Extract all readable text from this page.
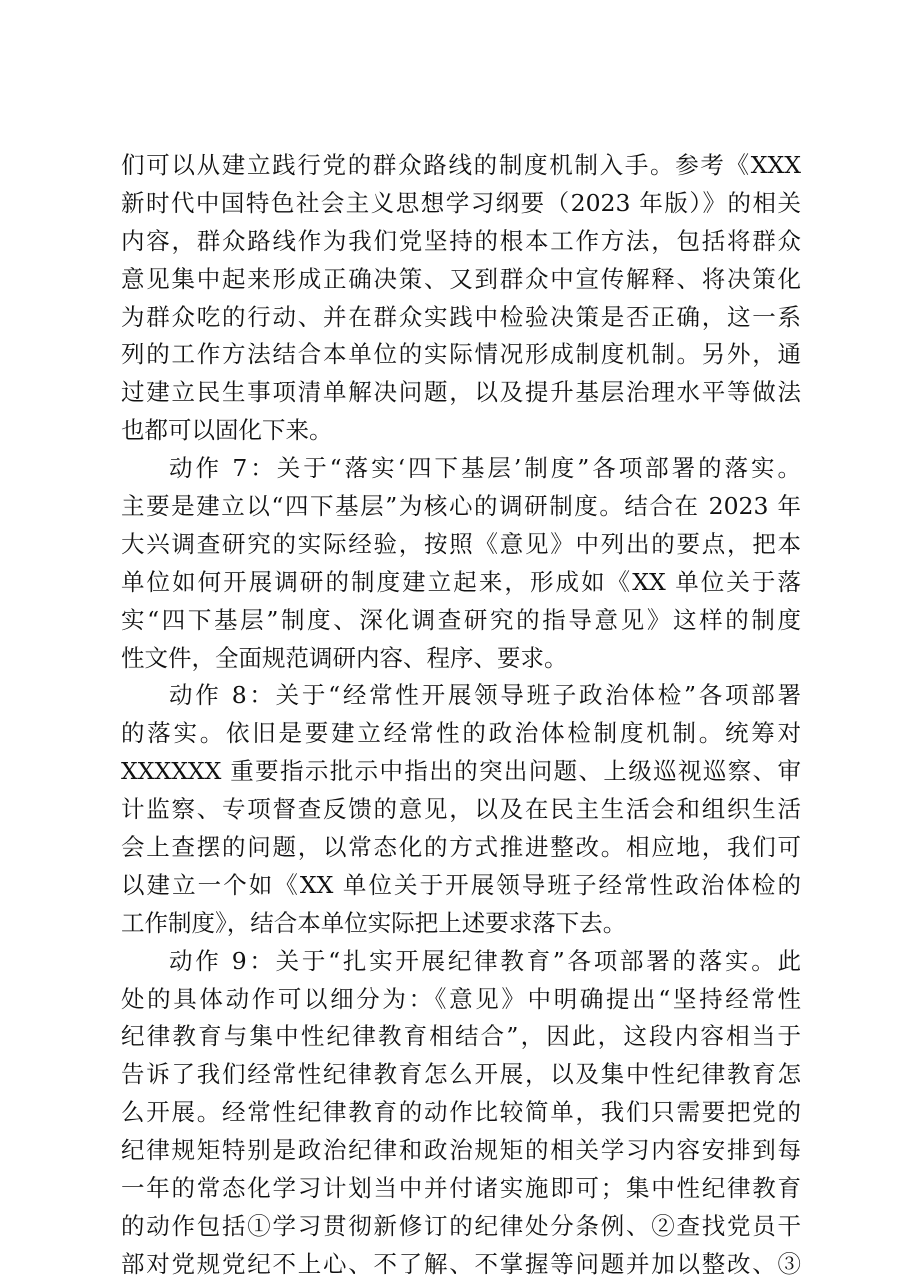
们可以从建立践行党的群众路线的制度机制入手。参考《XXX
新时代中国特色社会主义思想学习纲要（2023 年版）》的相关
内容，群众路线作为我们党坚持的根本工作方法，包括将群众
意见集中起来形成正确决策、又到群众中宣传解释、将决策化
为群众吃的行动、并在群众实践中检验决策是否正确，这一系
列的工作方法结合本单位的实际情况形成制度机制。另外，通
过建立民生事项清单解决问题，以及提升基层治理水平等做法
也都可以固化下来。
动作 7：关于“落实‘四下基层’制度”各项部署的落实。
主要是建立以“四下基层”为核心的调研制度。结合在 2023 年
大兴调查研究的实际经验，按照《意见》中列出的要点，把本
单位如何开展调研的制度建立起来，形成如《XX 单位关于落
实“四下基层”制度、深化调查研究的指导意见》这样的制度
性文件，全面规范调研内容、程序、要求。
动作 8：关于“经常性开展领导班子政治体检”各项部署
的落实。依旧是要建立经常性的政治体检制度机制。统筹对
XXXXXX 重要指示批示中指出的突出问题、上级巡视巡察、审
计监察、专项督查反馈的意见，以及在民主生活会和组织生活
会上查摆的问题，以常态化的方式推进整改。相应地，我们可
以建立一个如《XX 单位关于开展领导班子经常性政治体检的
工作制度》，结合本单位实际把上述要求落下去。
动作 9：关于“扎实开展纪律教育”各项部署的落实。此
处的具体动作可以细分为：《意见》中明确提出“坚持经常性
纪律教育与集中性纪律教育相结合”，因此，这段内容相当于
告诉了我们经常性纪律教育怎么开展，以及集中性纪律教育怎
么开展。经常性纪律教育的动作比较简单，我们只需要把党的
纪律规矩特别是政治纪律和政治规矩的相关学习内容安排到每
一年的常态化学习计划当中并付诸实施即可；集中性纪律教育
的动作包括①学习贯彻新修订的纪律处分条例、②查找党员干
部对党规党纪不上心、不了解、不掌握等问题并加以整改、③
